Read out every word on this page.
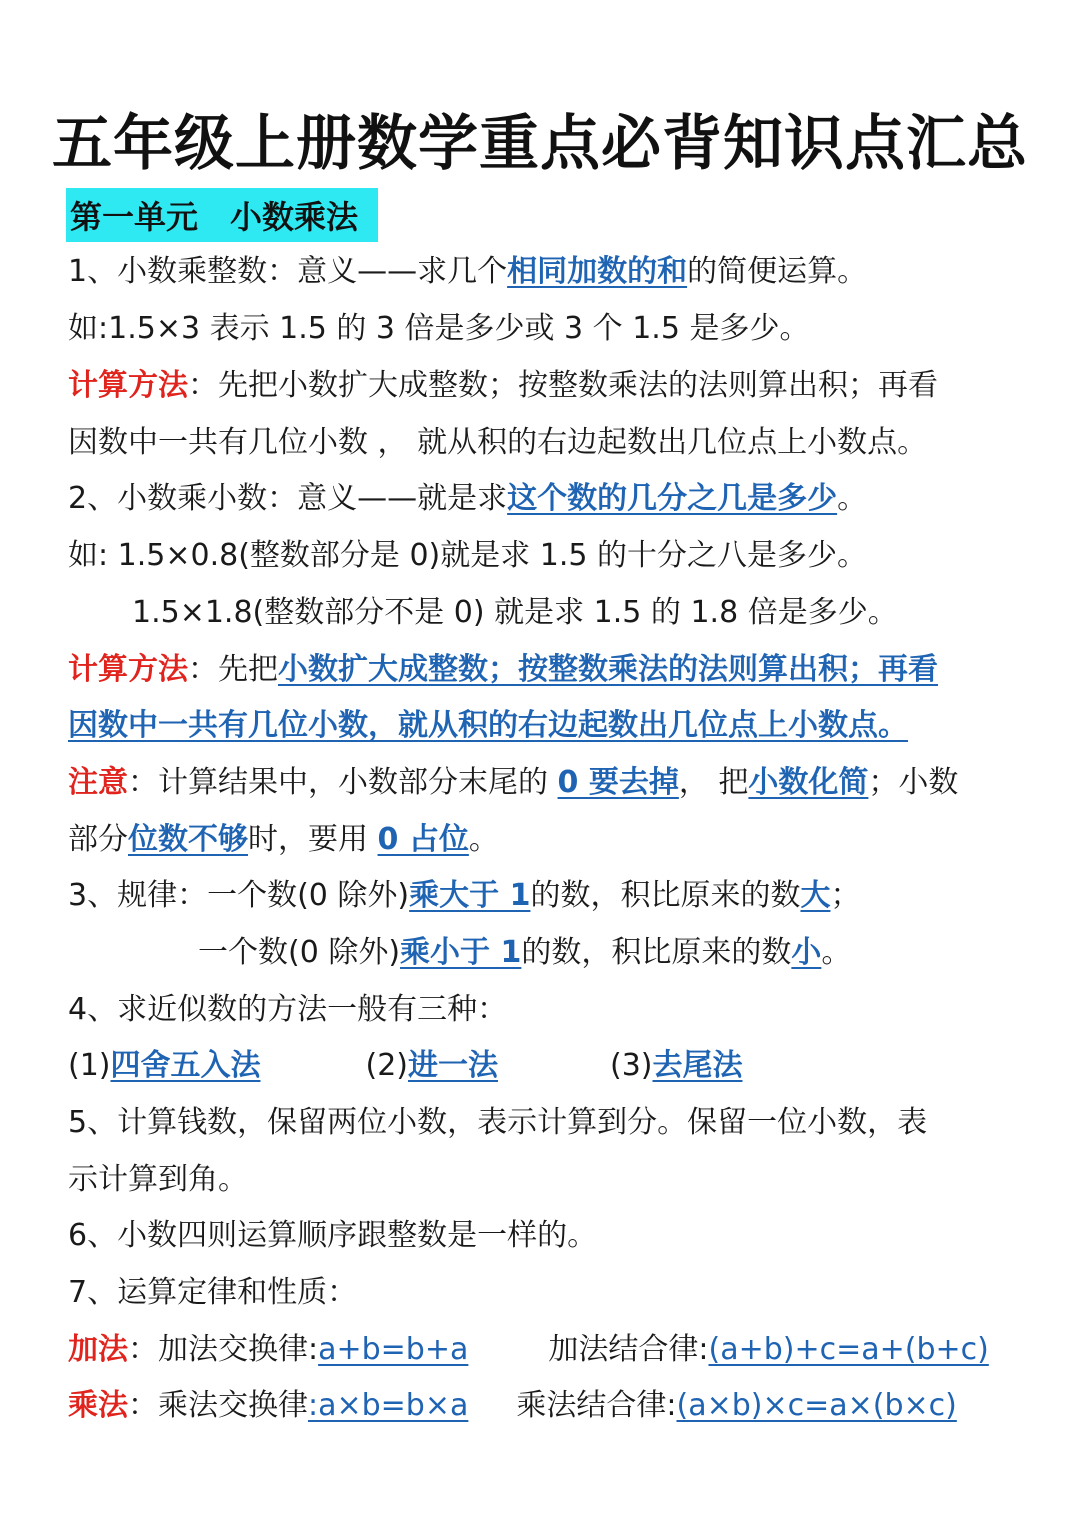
五年级上册数学重点必背知识点汇总
第一单元　小数乘法
1、小数乘整数：意义——求几个相同加数的和的简便运算。
如:1.5×3 表示 1.5 的 3 倍是多少或 3 个 1.5 是多少。
计算方法：先把小数扩大成整数；按整数乘法的法则算出积；再看
因数中一共有几位小数 ， 就从积的右边起数出几位点上小数点。
2、小数乘小数：意义——就是求这个数的几分之几是多少。
如: 1.5×0.8(整数部分是 0)就是求 1.5 的十分之八是多少。
1.5×1.8(整数部分不是 0) 就是求 1.5 的 1.8 倍是多少。
计算方法：先把小数扩大成整数；按整数乘法的法则算出积；再看
因数中一共有几位小数，就从积的右边起数出几位点上小数点。
注意：计算结果中，小数部分末尾的 0 要去掉， 把小数化简；小数
部分位数不够时，要用 0 占位。
3、规律：一个数(0 除外)乘大于 1的数，积比原来的数大；
一个数(0 除外)乘小于 1的数，积比原来的数小。
4、求近似数的方法一般有三种：
(1)四舍五入法	(2)进一法	(3)去尾法
5、计算钱数，保留两位小数，表示计算到分。保留一位小数，表
示计算到角。
6、小数四则运算顺序跟整数是一样的。
7、运算定律和性质：
加法：加法交换律:a+b=b+a	加法结合律:(a+b)+c=a+(b+c)
乘法：乘法交换律:a×b=b×a 乘法结合律:(a×b)×c=a×(b×c)
